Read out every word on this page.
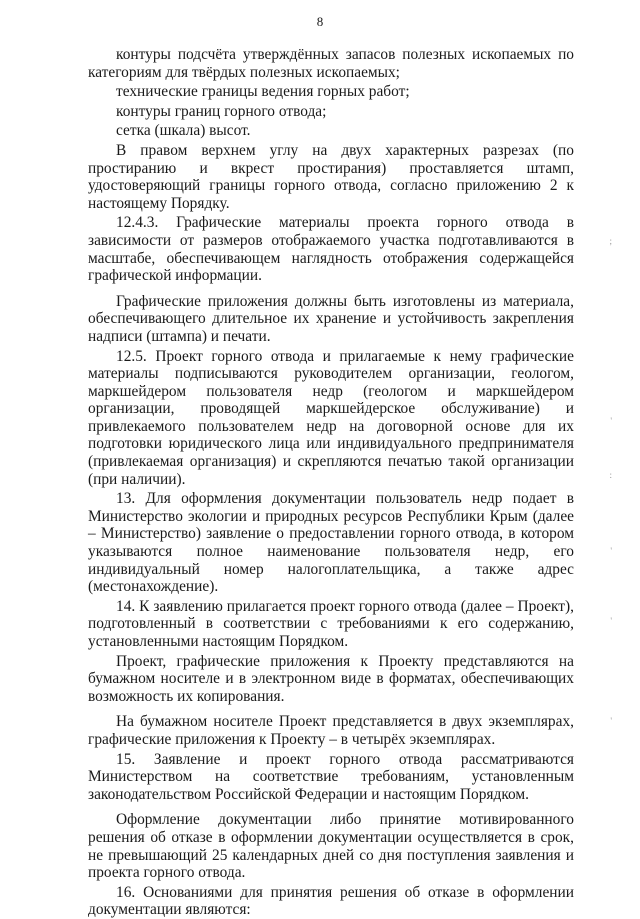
8

контуры подсчёта утверждённых запасов полезных ископаемых по категориям для твёрдых полезных ископаемых;

технические границы ведения горных работ;

контуры границ горного отвода;

сетка (шкала) высот.

В правом верхнем углу на двух характерных разрезах (по простиранию и вкрест простирания) проставляется штамп, удостоверяющий границы горного отвода, согласно приложению 2 к настоящему Порядку.

12.4.3. Графические материалы проекта горного отвода в зависимости от размеров отображаемого участка подготавливаются в масштабе, обеспечивающем наглядность отображения содержащейся графической информации.

Графические приложения должны быть изготовлены из материала, обеспечивающего длительное их хранение и устойчивость закрепления надписи (штампа) и печати.

12.5. Проект горного отвода и прилагаемые к нему графические материалы подписываются руководителем организации, геологом, маркшейдером пользователя недр (геологом и маркшейдером организации, проводящей маркшейдерское обслуживание) и привлекаемого пользователем недр на договорной основе для их подготовки юридического лица или индивидуального предпринимателя (привлекаемая организация) и скрепляются печатью такой организации (при наличии).

13. Для оформления документации пользователь недр подает в Министерство экологии и природных ресурсов Республики Крым (далее – Министерство) заявление о предоставлении горного отвода, в котором указываются полное наименование пользователя недр, его индивидуальный номер налогоплательщика, а также адрес (местонахождение).

14. К заявлению прилагается проект горного отвода (далее – Проект), подготовленный в соответствии с требованиями к его содержанию, установленными настоящим Порядком.

Проект, графические приложения к Проекту представляются на бумажном носителе и в электронном виде в форматах, обеспечивающих возможность их копирования.

На бумажном носителе Проект представляется в двух экземплярах, графические приложения к Проекту – в четырёх экземплярах.

15. Заявление и проект горного отвода рассматриваются Министерством на соответствие требованиям, установленным законодательством Российской Федерации и настоящим Порядком.

Оформление документации либо принятие мотивированного решения об отказе в оформлении документации осуществляется в срок, не превышающий 25 календарных дней со дня поступления заявления и проекта горного отвода.

16. Основаниями для принятия решения об отказе в оформлении документации являются:

;
'
:
'
'
'
